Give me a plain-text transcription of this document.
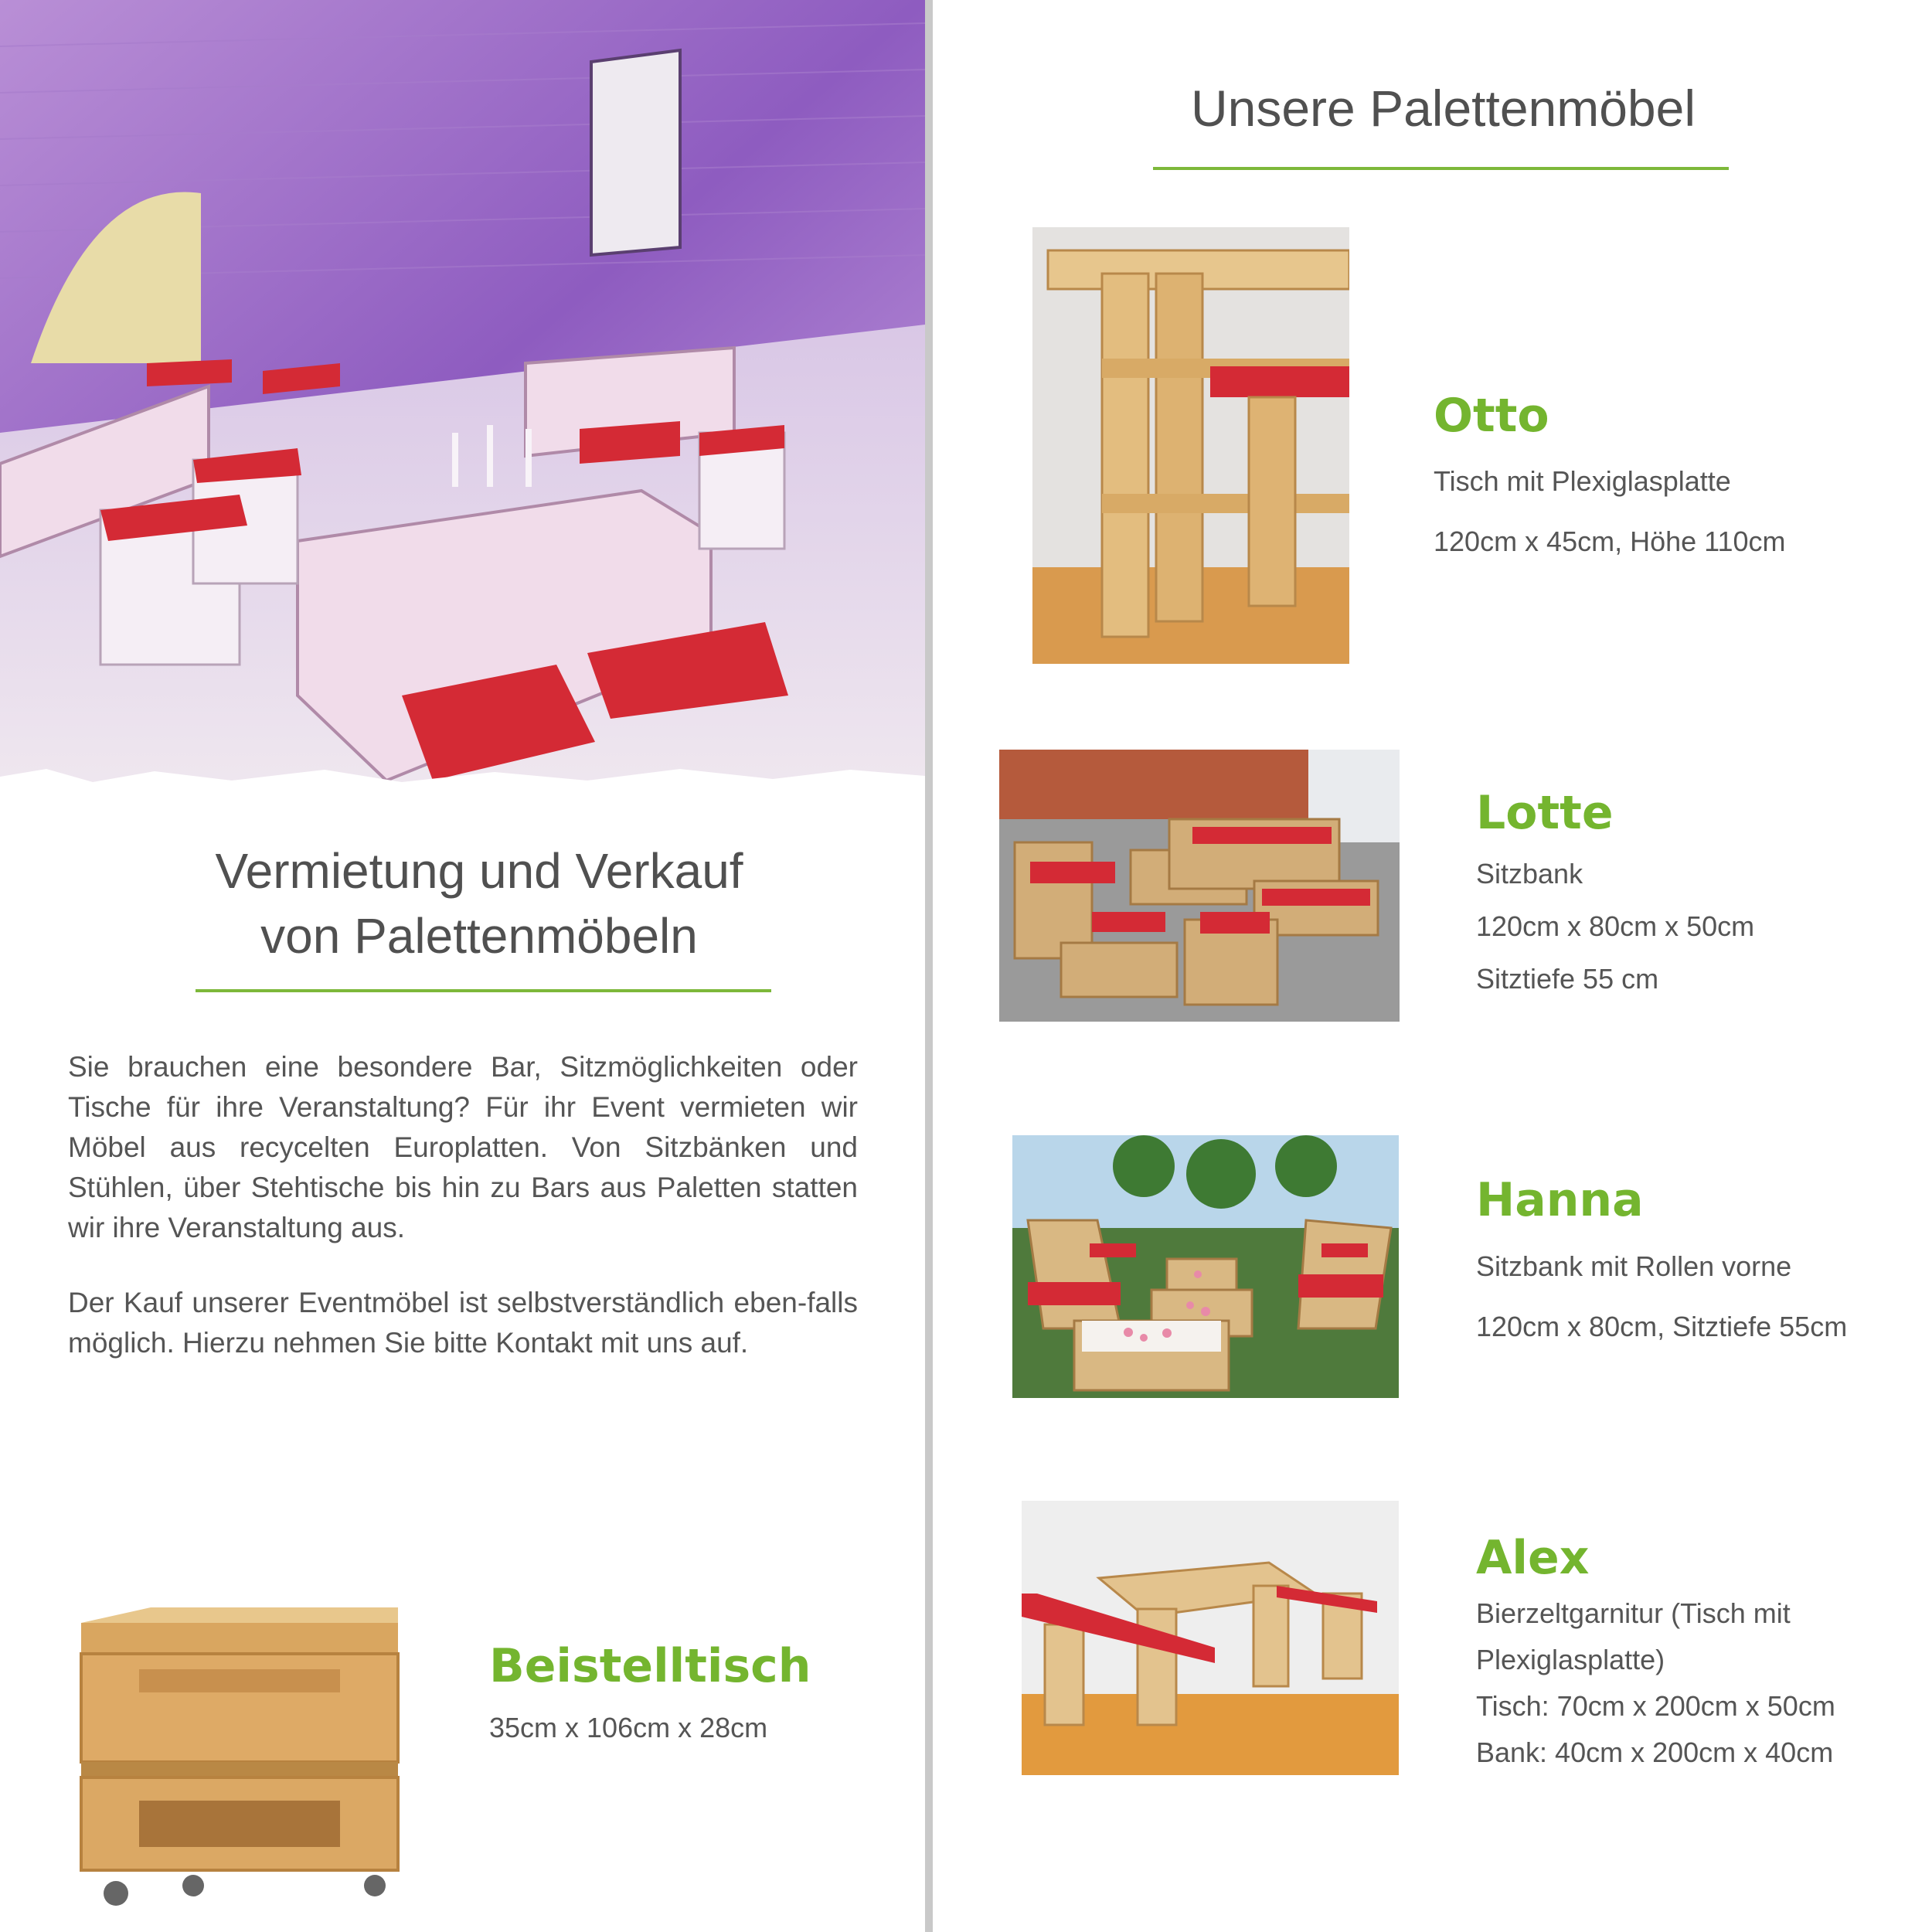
Vermietung und Verkauf
von Palettenmöbeln

Sie brauchen eine besondere Bar, Sitzmöglichkeiten oder Tische für ihre Veranstaltung? Für ihr Event vermieten wir Möbel aus recycelten Europlatten. Von Sitzbänken und Stühlen, über Stehtische bis hin zu Bars aus Paletten statten wir ihre Veranstaltung aus.

Der Kauf unserer Eventmöbel ist selbstverständlich eben-falls möglich. Hierzu nehmen Sie bitte Kontakt mit uns auf.

Beistelltisch
35cm x 106cm x 28cm
Unsere Palettenmöbel
Otto
Tisch mit Plexiglasplatte
120cm x 45cm, Höhe 110cm
Lotte
Sitzbank
120cm x 80cm x 50cm
Sitztiefe 55 cm
Hanna
Sitzbank mit Rollen vorne
120cm x 80cm, Sitztiefe 55cm
Alex
Bierzeltgarnitur (Tisch mit
Plexiglasplatte)
Tisch: 70cm x 200cm x 50cm
Bank: 40cm x 200cm x 40cm
